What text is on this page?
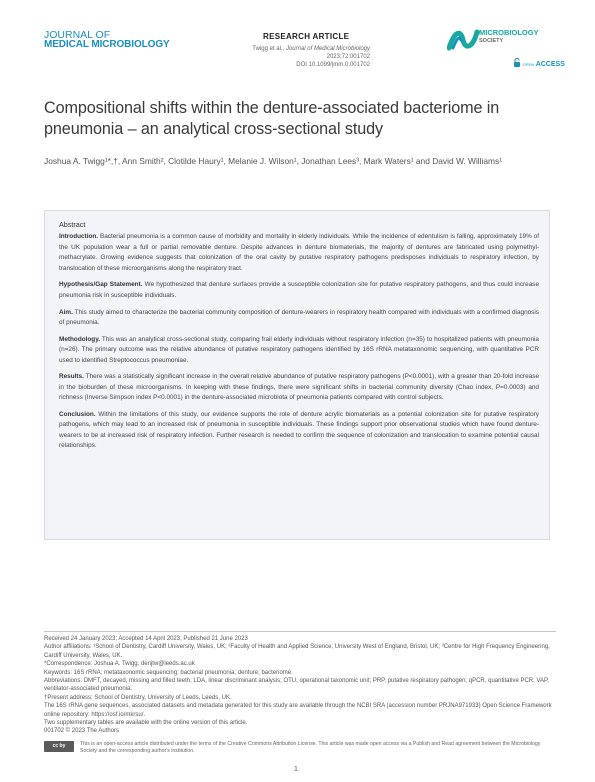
JOURNAL OF
MEDICAL MICROBIOLOGY
RESEARCH ARTICLE
Twigg et al., Journal of Medical Microbiology 2023;72:001702
DOI 10.1099/jmm.0.001702
MICROBIOLOGY
SOCIETY
OPEN ACCESS
Compositional shifts within the denture-associated bacteriome in pneumonia – an analytical cross-sectional study
Joshua A. Twigg¹*,†, Ann Smith², Clotilde Haury¹, Melanie J. Wilson¹, Jonathan Lees³, Mark Waters¹ and David W. Williams¹
Abstract

Introduction. Bacterial pneumonia is a common cause of morbidity and mortality in elderly individuals. While the incidence of edentulism is falling, approximately 19% of the UK population wear a full or partial removable denture. Despite advances in denture biomaterials, the majority of dentures are fabricated using polymethyl-methacrylate. Growing evidence suggests that colonization of the oral cavity by putative respiratory pathogens predisposes individuals to respiratory infection, by translocation of these microorganisms along the respiratory tract.

Hypothesis/Gap Statement. We hypothesized that denture surfaces provide a susceptible colonization site for putative respiratory pathogens, and thus could increase pneumonia risk in susceptible individuals.

Aim. This study aimed to characterize the bacterial community composition of denture-wearers in respiratory health compared with individuals with a confirmed diagnosis of pneumonia.

Methodology. This was an analytical cross-sectional study, comparing frail elderly individuals without respiratory infection (n=35) to hospitalized patients with pneumonia (n=26). The primary outcome was the relative abundance of putative respiratory pathogens identified by 16S rRNA metataxonomic sequencing, with quantitative PCR used to identified Streptococcus pneumoniae.

Results. There was a statistically significant increase in the overall relative abundance of putative respiratory pathogens (P<0.0001), with a greater than 20-fold increase in the bioburden of these microorganisms. In keeping with these findings, there were significant shifts in bacterial community diversity (Chao index, P=0.0003) and richness (Inverse Simpson index P<0.0001) in the denture-associated microbiota of pneumonia patients compared with control subjects.

Conclusion. Within the limitations of this study, our evidence supports the role of denture acrylic biomaterials as a potential colonization site for putative respiratory pathogens, which may lead to an increased risk of pneumonia in susceptible individuals. These findings support prior observational studies which have found denture-wearers to be at increased risk of respiratory infection. Further research is needed to confirm the sequence of colonization and translocation to examine potential causal relationships.

Received 24 January 2023; Accepted 14 April 2023; Published 21 June 2023

Author affiliations: ¹School of Dentistry, Cardiff University, Wales, UK; ²Faculty of Health and Applied Science, University West of England, Bristol, UK; ³Centre for High Frequency Engineering, Cardiff University, Wales, UK.

*Correspondence: Joshua A. Twigg, denjtw@leeds.ac.uk

Keywords: 16S rRNA; metataxonomic sequencing; bacterial pneumonia; denture; bacteriome.

Abbreviations: DMFT, decayed, missing and filled teeth; LDA, linear discriminant analysis; OTU, operational taxonomic unit; PRP, putative respiratory pathogen; qPCR, quantitative PCR; VAP, ventilator-associated pneumonia.

†Present address: School of Dentistry, University of Leeds, Leeds, UK.

The 16S rRNA gene sequences, associated datasets and metadata generated for this study are available through the NCBI SRA (accession number PRJNA971933) Open Science Framework online repository: https://osf.io/mkrsu/.

Two supplementary tables are available with the online version of this article.

001702 © 2023 The Authors

cc by	This is an open-access article distributed under the terms of the Creative Commons Attribution License. This article was made open access via a Publish and Read agreement between the Microbiology Society and the corresponding author's institution.
1
